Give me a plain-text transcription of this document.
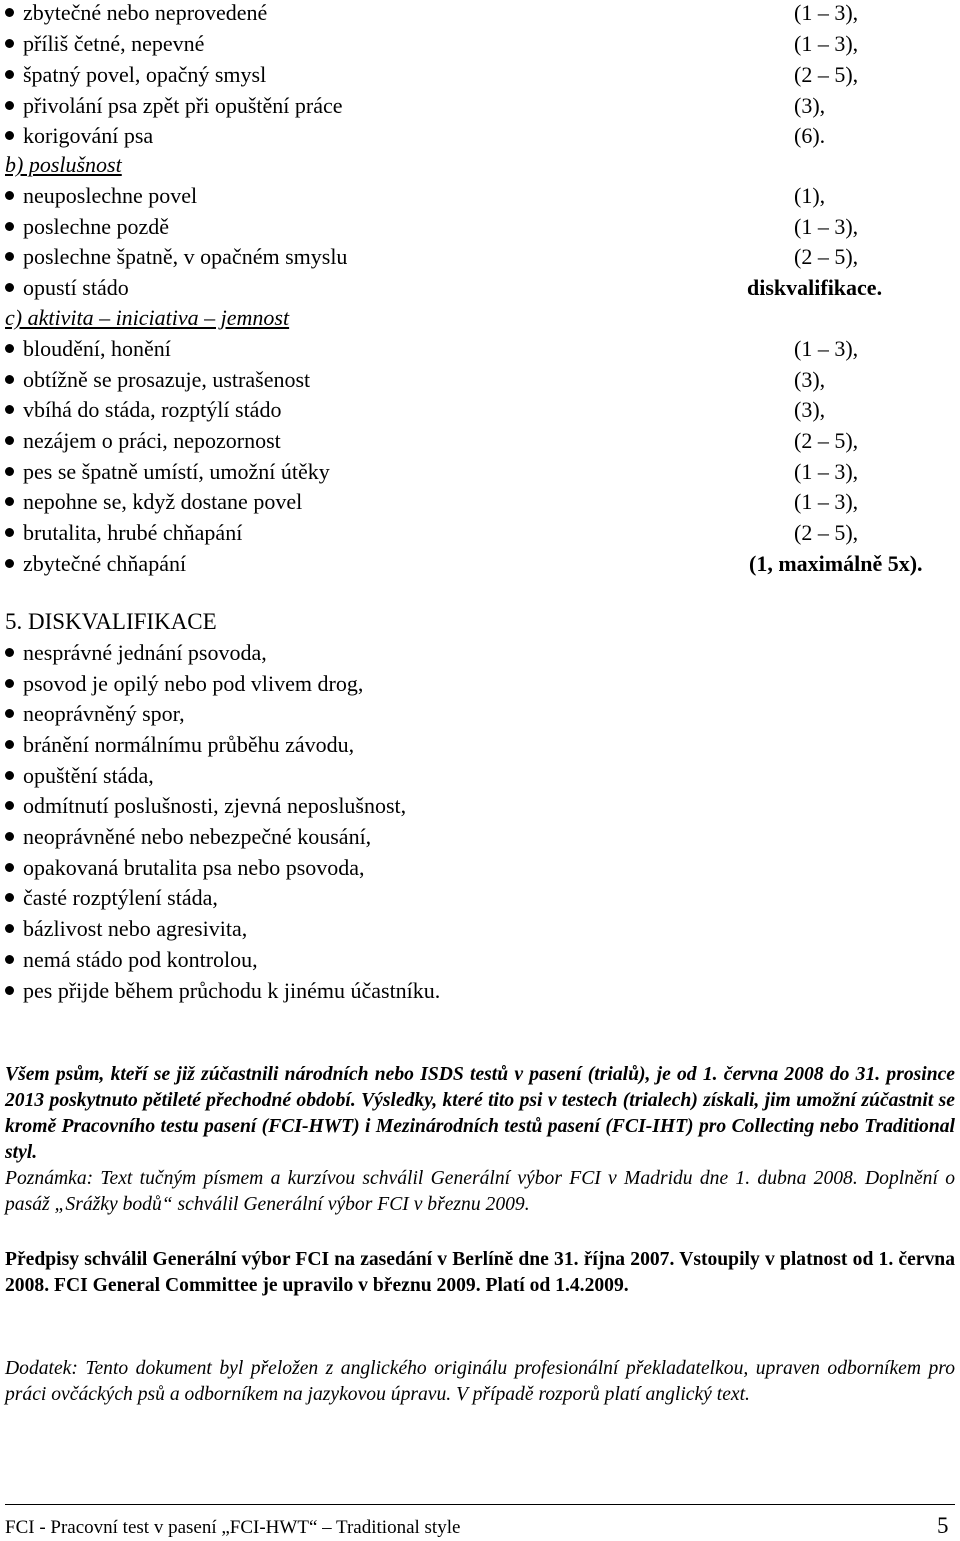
zbytečné nebo neprovedené	(1 – 3),
příliš četné, nepevné	(1 – 3),
špatný povel, opačný smysl	(2 – 5),
přivolání psa zpět při opuštění práce	(3),
korigování psa	(6).
b) poslušnost
neuposlechne povel	(1),
poslechne pozdě	(1 – 3),
poslechne špatně, v opačném smyslu	(2 – 5),
opustí stádo	diskvalifikace.
c) aktivita – iniciativa – jemnost
bloudění, honění	(1 – 3),
obtížně se prosazuje, ustrašenost	(3),
vbíhá do stáda, rozptýlí stádo	(3),
nezájem o práci, nepozornost	(2 – 5),
pes se špatně umístí, umožní útěky	(1 – 3),
nepohne se, když dostane povel	(1 – 3),
brutalita, hrubé chňapání	(2 – 5),
zbytečné chňapání	(1, maximálně 5x).
5. DISKVALIFIKACE
nesprávné jednání psovoda,
psovod je opilý nebo pod vlivem drog,
neoprávněný spor,
bránění normálnímu průběhu závodu,
opuštění stáda,
odmítnutí poslušnosti, zjevná neposlušnost,
neoprávněné nebo nebezpečné kousání,
opakovaná brutalita psa nebo psovoda,
časté rozptýlení stáda,
bázlivost nebo agresivita,
nemá stádo pod kontrolou,
pes přijde během průchodu k jinému účastníku.

Všem psům, kteří se již zúčastnili národních nebo ISDS testů v pasení (trialů), je od 1. června 2008 do 31. prosince 2013 poskytnuto pětileté přechodné období. Výsledky, které tito psi v testech (trialech) získali, jim umožní zúčastnit se kromě Pracovního testu pasení (FCI-HWT) i Mezinárodních testů pasení (FCI-IHT) pro Collecting nebo Traditional styl.

Poznámka: Text tučným písmem a kurzívou schválil Generální výbor FCI v Madridu dne 1. dubna 2008. Doplnění o pasáž „Srážky bodů“ schválil Generální výbor FCI v březnu 2009.

Předpisy schválil Generální výbor FCI na zasedání v Berlíně dne 31. října 2007. Vstoupily v platnost od 1. června 2008. FCI General Committee je upravilo v březnu 2009. Platí od 1.4.2009.

Dodatek: Tento dokument byl přeložen z anglického originálu profesionální překladatelkou, upraven odborníkem pro práci ovčáckých psů a odborníkem na jazykovou úpravu. V případě rozporů platí anglický text.

FCI - Pracovní test v pasení „FCI-HWT“ – Traditional style	5
